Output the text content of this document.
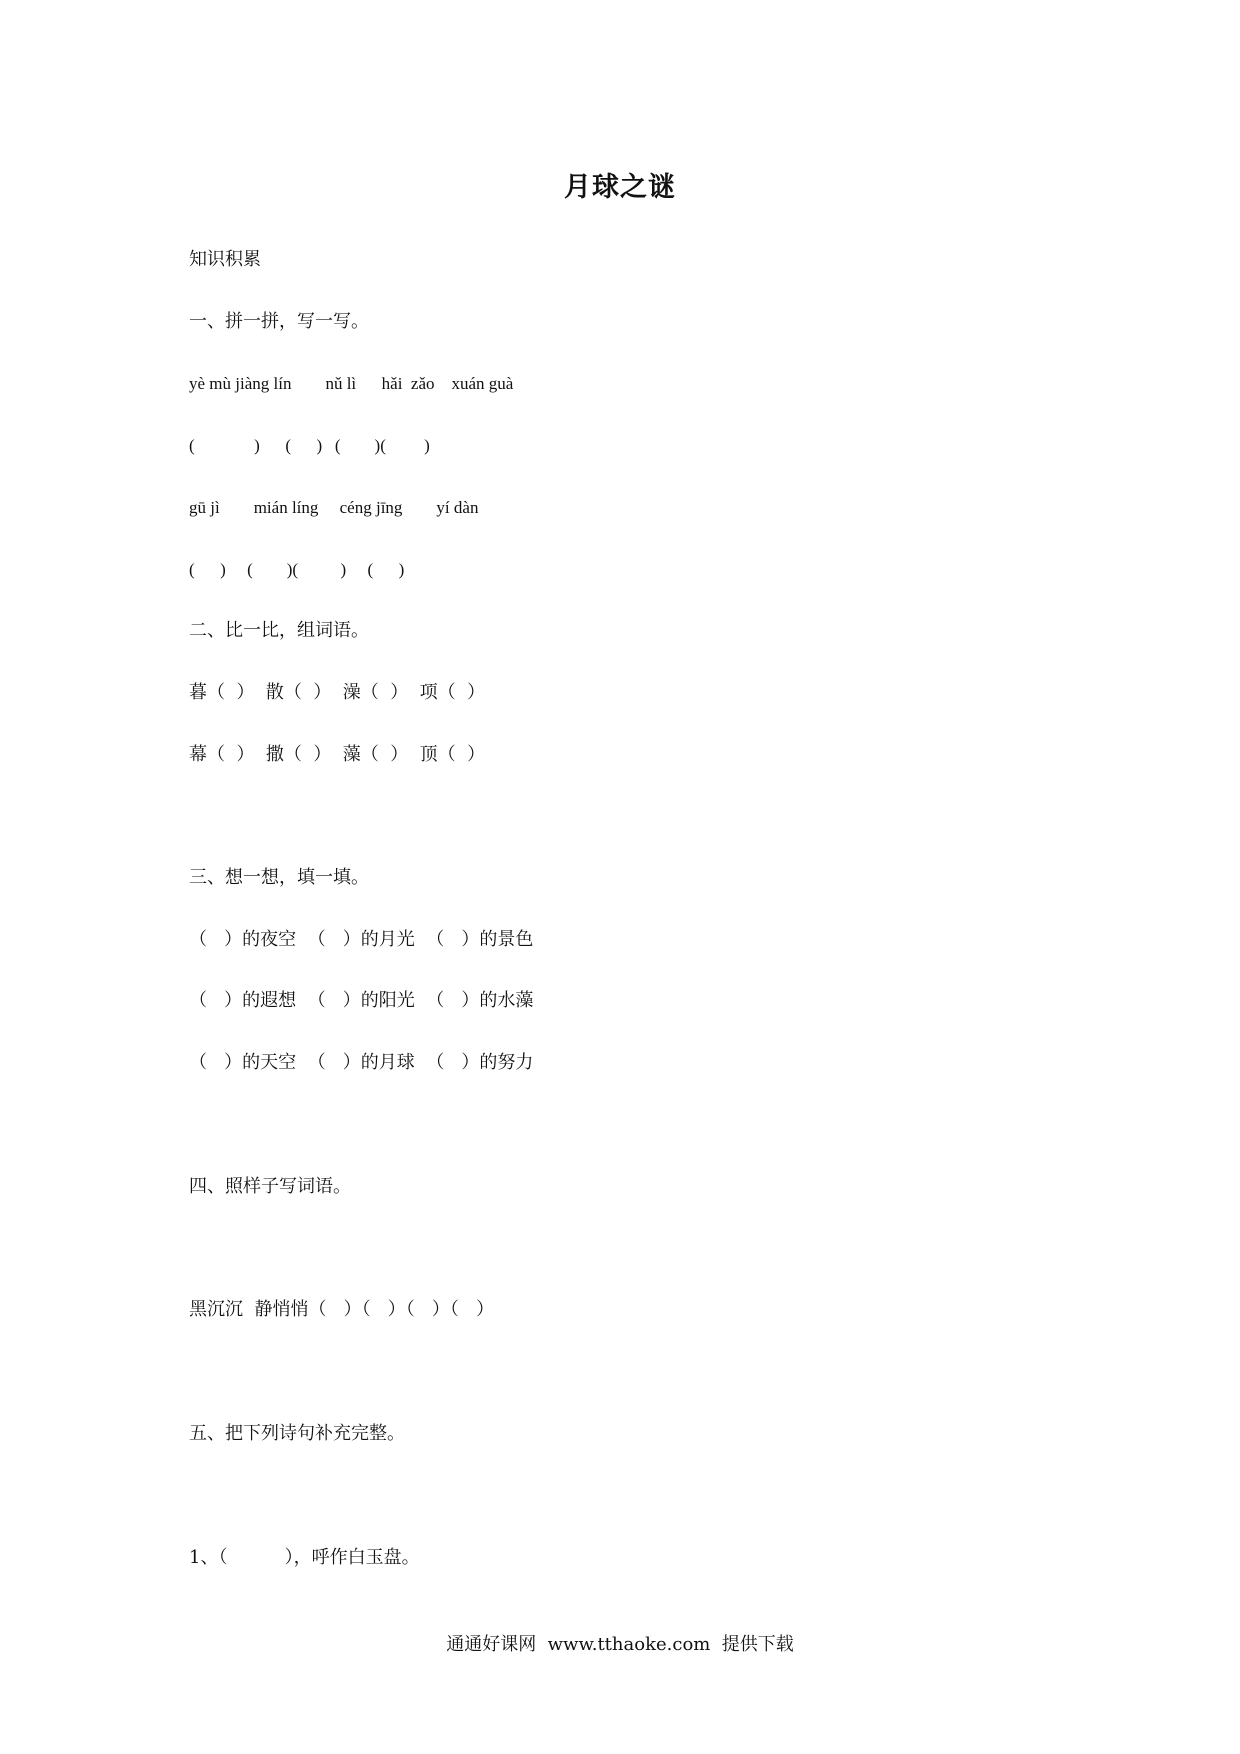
月球之谜
知识积累
一、拼一拼，写一写。
yè mù jiàng lín        nǔ lì      hǎi  zǎo    xuán guà
(              )      (      )   (        )(         )
gū jì        mián líng     céng jīng        yí dàn
(      )     (        )(          )     (      )
二、比一比，组词语。
暮（  ）  散（  ）  澡（  ）  项（  ）
幕（  ）  撒（  ）  藻（  ）  顶（  ）
三、想一想，填一填。
（   ）的夜空  （   ）的月光  （   ）的景色
（   ）的遐想  （   ）的阳光  （   ）的水藻
（   ）的天空  （   ）的月球  （   ）的努力
四、照样子写词语。
黑沉沉  静悄悄（   ）（   ）（   ）（   ）
五、把下列诗句补充完整。
1、（          ），呼作白玉盘。
通通好课网  www.tthaoke.com  提供下载
